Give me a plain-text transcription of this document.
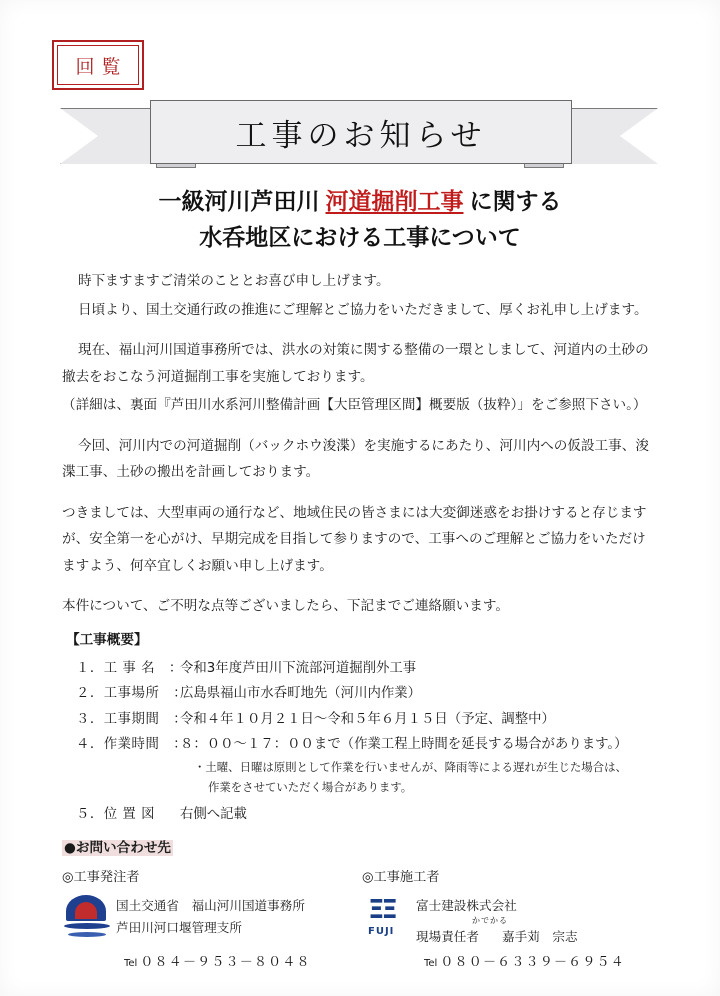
回覧
工事のお知らせ
一級河川芦田川 河道掘削工事 に関する
水呑地区における工事について

時下ますますご清栄のこととお喜び申し上げます。

日頃より、国土交通行政の推進にご理解とご協力をいただきまして、厚くお礼申し上げます。

現在、福山河川国道事務所では、洪水の対策に関する整備の一環としまして、河道内の土砂の撤去をおこなう河道掘削工事を実施しております。

（詳細は、裏面『芦田川水系河川整備計画【大臣管理区間】概要版（抜粋）」をご参照下さい。）

今回、河川内での河道掘削（バックホウ浚渫）を実施するにあたり、河川内への仮設工事、浚渫工事、土砂の搬出を計画しております。

つきましては、大型車両の通行など、地域住民の皆さまには大変御迷惑をお掛けすると存じますが、安全第一を心がけ、早期完成を目指して参りますので、工事へのご理解とご協力をいただけますよう、何卒宜しくお願い申し上げます。

本件について、ご不明な点等ございましたら、下記までご連絡願います。

【工事概要】
１．工 事 名　：
令和3年度芦田川下流部河道掘削外工事
２．工事場所　：
広島県福山市水呑町地先（河川内作業）
３．工事期間　：
令和４年１０月２１日～令和５年６月１５日（予定、調整中）
４．作業時間　：
８：００～１７：００まで（作業工程上時間を延長する場合があります。）
・土曜、日曜は原則として作業を行いませんが、降雨等による遅れが生じた場合は、
作業をさせていただく場合があります。
５．位 置 図	右側へ記載
●お問い合わせ先
◎工事発注者
国土交通省　福山河川国道事務所
芦田川河口堰管理支所
Tel ０８４－９５３－８０４８
◎工事施工者
ΞΞ
FUJI
富士建設株式会社
かでかる
現場責任者	嘉手苅　宗志
Tel ０８０－６３３９－６９５４
